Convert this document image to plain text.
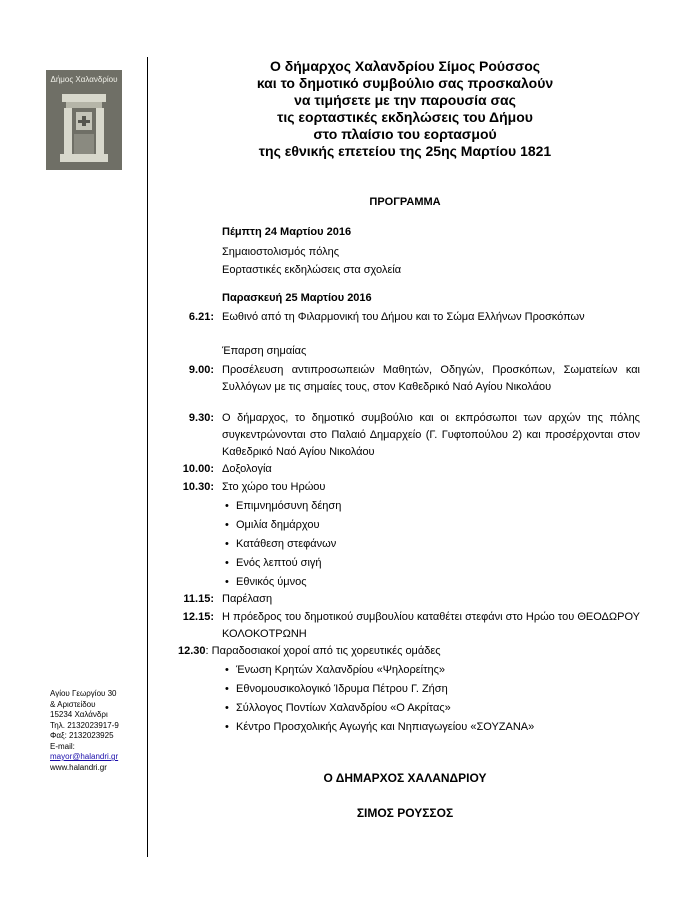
Δήμος Χαλανδρίου
Αγίου Γεωργίου 30
& Αριστείδου
15234 Χαλάνδρι
Τηλ. 2132023917-9
Φαξ: 2132023925
E-mail:
mayor@halandri.gr
www.halandri.gr
Ο δήμαρχος Χαλανδρίου Σίμος Ρούσσος
και το δημοτικό συμβούλιο σας προσκαλούν
να τιμήσετε με την παρουσία σας
τις εορταστικές εκδηλώσεις του Δήμου
στο πλαίσιο του εορτασμού
της εθνικής επετείου της 25ης Μαρτίου 1821
ΠΡΟΓΡΑΜΜΑ
Πέμπτη 24 Μαρτίου 2016
Σημαιοστολισμός πόλης
Εορταστικές εκδηλώσεις στα σχολεία
Παρασκευή 25 Μαρτίου 2016
6.21: Εωθινό από τη Φιλαρμονική του Δήμου και το Σώμα Ελλήνων Προσκόπων
Έπαρση σημαίας
9.00: Προσέλευση αντιπροσωπειών Μαθητών, Οδηγών, Προσκόπων, Σωματείων και Συλλόγων με τις σημαίες τους, στον Καθεδρικό Ναό Αγίου Νικολάου
9.30: Ο δήμαρχος, το δημοτικό συμβούλιο και οι εκπρόσωποι των αρχών της πόλης συγκεντρώνονται στο Παλαιό Δημαρχείο (Γ. Γυφτοπούλου 2) και προσέρχονται στον Καθεδρικό Ναό Αγίου Νικολάου
10.00: Δοξολογία
10.30: Στο χώρο του Ηρώου
• Επιμνημόσυνη δέηση
• Ομιλία δημάρχου
• Κατάθεση στεφάνων
• Ενός λεπτού σιγή
• Εθνικός ύμνος
11.15: Παρέλαση
12.15: Η πρόεδρος του δημοτικού συμβουλίου καταθέτει στεφάνι στο Ηρώο του ΘΕΟΔΩΡΟΥ ΚΟΛΟΚΟΤΡΩΝΗ
12.30 : Παραδοσιακοί χοροί από τις χορευτικές ομάδες
• Ένωση Κρητών Χαλανδρίου «Ψηλορείτης»
• Εθνομουσικολογικό Ίδρυμα Πέτρου Γ. Ζήση
• Σύλλογος Ποντίων Χαλανδρίου «Ο Ακρίτας»
• Κέντρο Προσχολικής Αγωγής και Νηπιαγωγείου «ΣΟΥΖΑΝΑ»
Ο ΔΗΜΑΡΧΟΣ ΧΑΛΑΝΔΡΙΟΥ
ΣΙΜΟΣ ΡΟΥΣΣΟΣ
